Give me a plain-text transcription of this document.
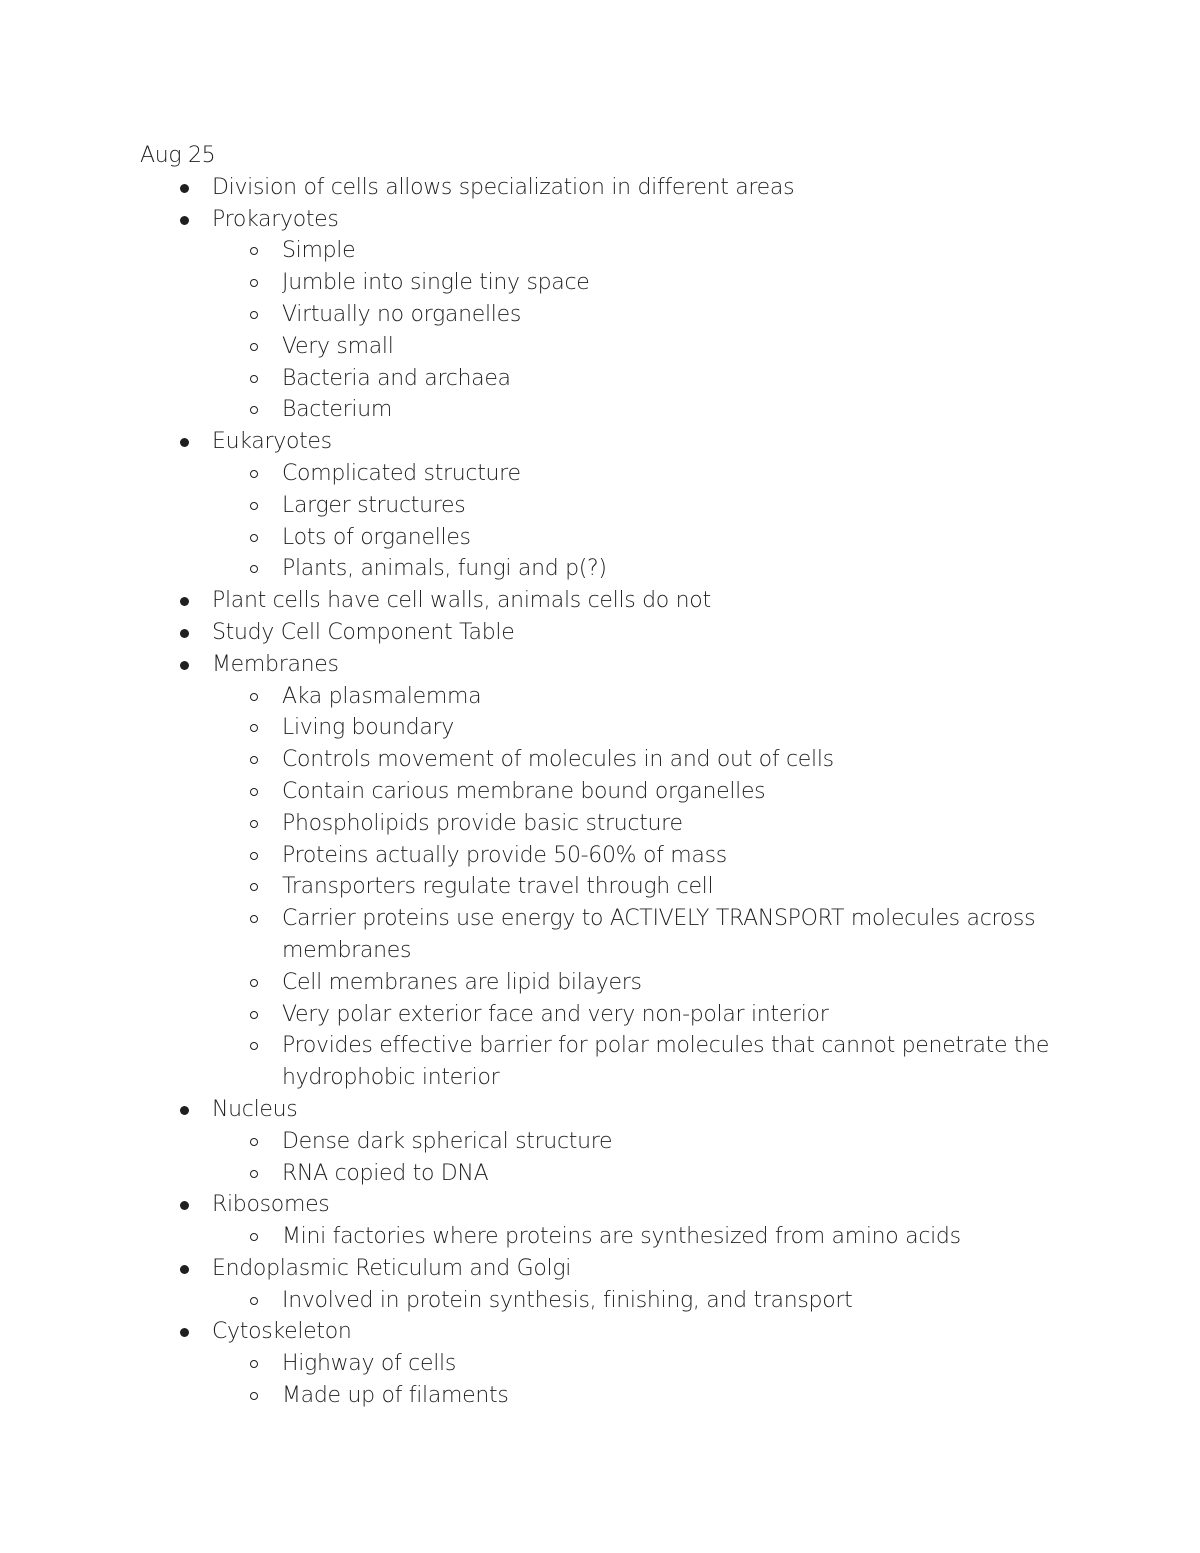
Aug 25

Division of cells allows specialization in different areas
Prokaryotes
Simple
Jumble into single tiny space
Virtually no organelles
Very small
Bacteria and archaea
Bacterium
Eukaryotes
Complicated structure
Larger structures
Lots of organelles
Plants, animals, fungi and p(?)
Plant cells have cell walls, animals cells do not
Study Cell Component Table
Membranes
Aka plasmalemma
Living boundary
Controls movement of molecules in and out of cells
Contain carious membrane bound organelles
Phospholipids provide basic structure
Proteins actually provide 50-60% of mass
Transporters regulate travel through cell
Carrier proteins use energy to ACTIVELY TRANSPORT molecules across membranes
Cell membranes are lipid bilayers
Very polar exterior face and very non-polar interior
Provides effective barrier for polar molecules that cannot penetrate the hydrophobic interior
Nucleus
Dense dark spherical structure
RNA copied to DNA
Ribosomes
Mini factories where proteins are synthesized from amino acids
Endoplasmic Reticulum and Golgi
Involved in protein synthesis, finishing, and transport
Cytoskeleton
Highway of cells
Made up of filaments
